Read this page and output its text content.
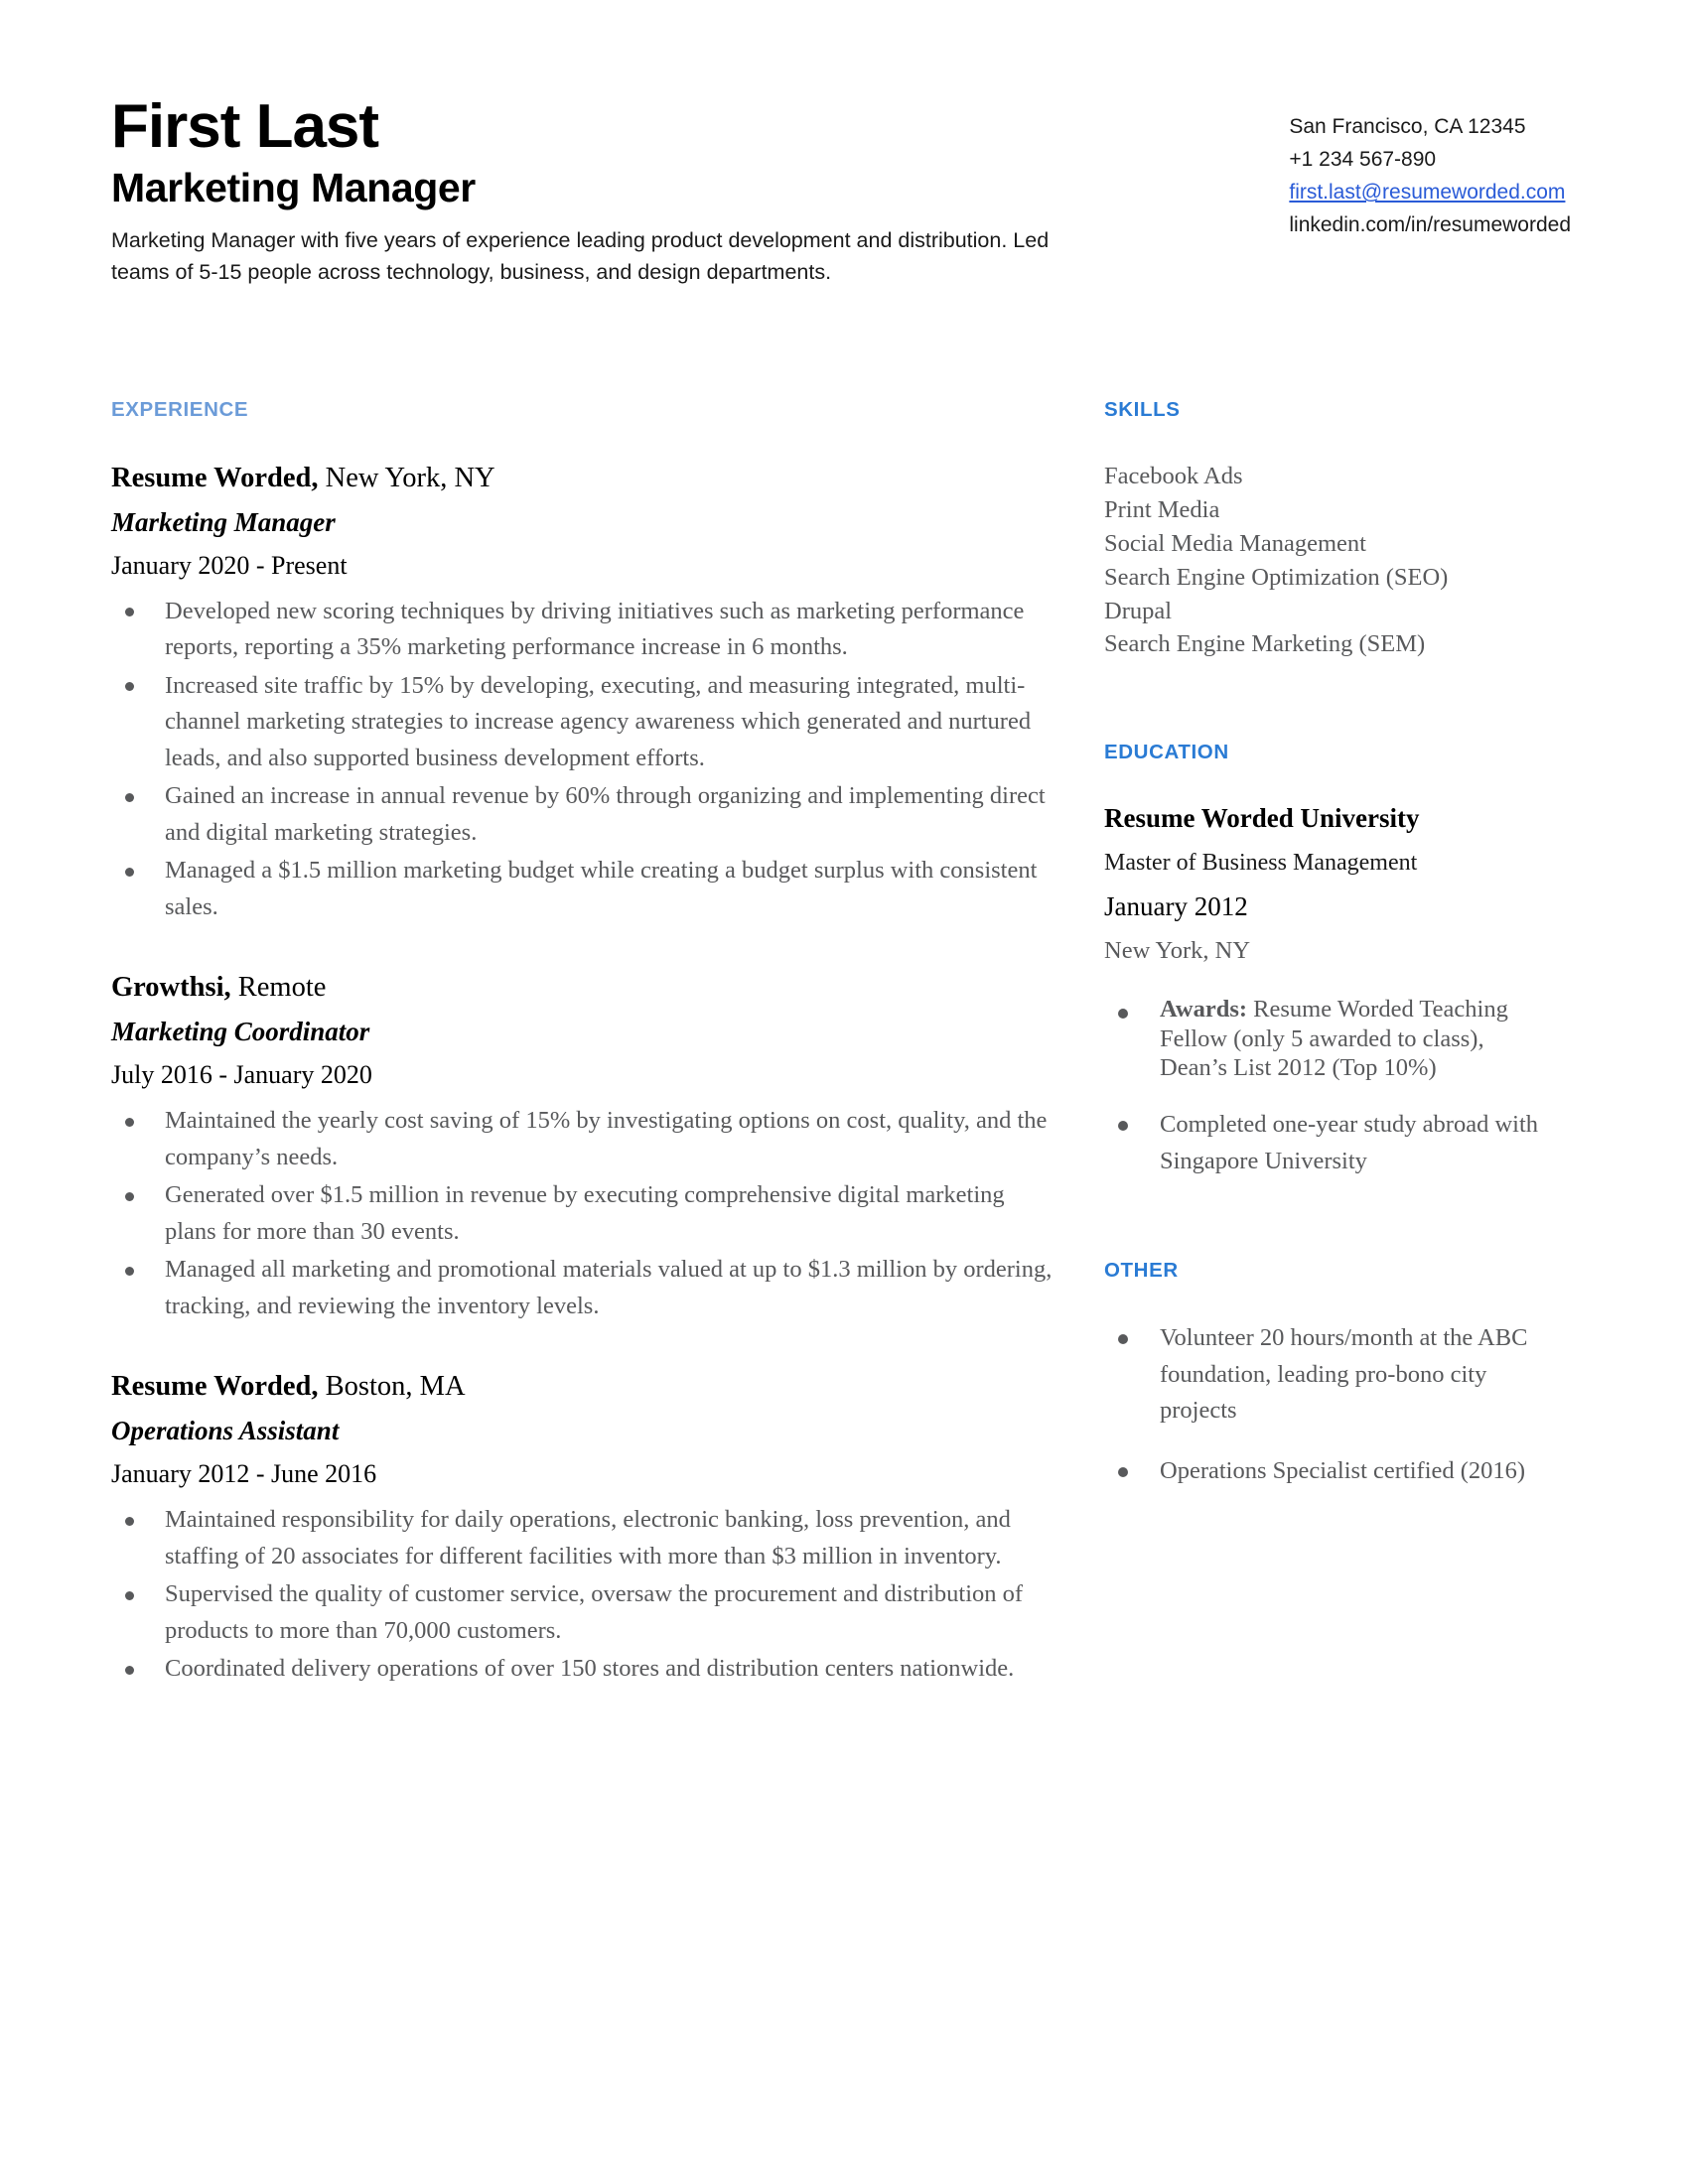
First Last
Marketing Manager

Marketing Manager with five years of experience leading product development and distribution. Led teams of 5-15 people across technology, business, and design departments.

San Francisco, CA 12345
+1 234 567-890
first.last@resumeworded.com
linkedin.com/in/resumeworded
EXPERIENCE
Resume Worded, New York, NY
Marketing Manager
January 2020 - Present
Developed new scoring techniques by driving initiatives such as marketing performance reports, reporting a 35% marketing performance increase in 6 months.
Increased site traffic by 15% by developing, executing, and measuring integrated, multi-channel marketing strategies to increase agency awareness which generated and nurtured leads, and also supported business development efforts.
Gained an increase in annual revenue by 60% through organizing and implementing direct and digital marketing strategies.
Managed a $1.5 million marketing budget while creating a budget surplus with consistent sales.
Growthsi, Remote
Marketing Coordinator
July 2016 - January 2020
Maintained the yearly cost saving of 15% by investigating options on cost, quality, and the company’s needs.
Generated over $1.5 million in revenue by executing comprehensive digital marketing plans for more than 30 events.
Managed all marketing and promotional materials valued at up to $1.3 million by ordering, tracking, and reviewing the inventory levels.
Resume Worded, Boston, MA
Operations Assistant
January 2012 - June 2016
Maintained responsibility for daily operations, electronic banking, loss prevention, and staffing of 20 associates for different facilities with more than $3 million in inventory.
Supervised the quality of customer service, oversaw the procurement and distribution of products to more than 70,000 customers.
Coordinated delivery operations of over 150 stores and distribution centers nationwide.
SKILLS
Facebook Ads
Print Media
Social Media Management
Search Engine Optimization (SEO)
Drupal
Search Engine Marketing (SEM)
EDUCATION
Resume Worded University
Master of Business Management
January 2012
New York, NY
Awards: Resume Worded Teaching Fellow (only 5 awarded to class), Dean’s List 2012 (Top 10%)
Completed one-year study abroad with Singapore University
OTHER
Volunteer 20 hours/month at the ABC foundation, leading pro-bono city projects
Operations Specialist certified (2016)
